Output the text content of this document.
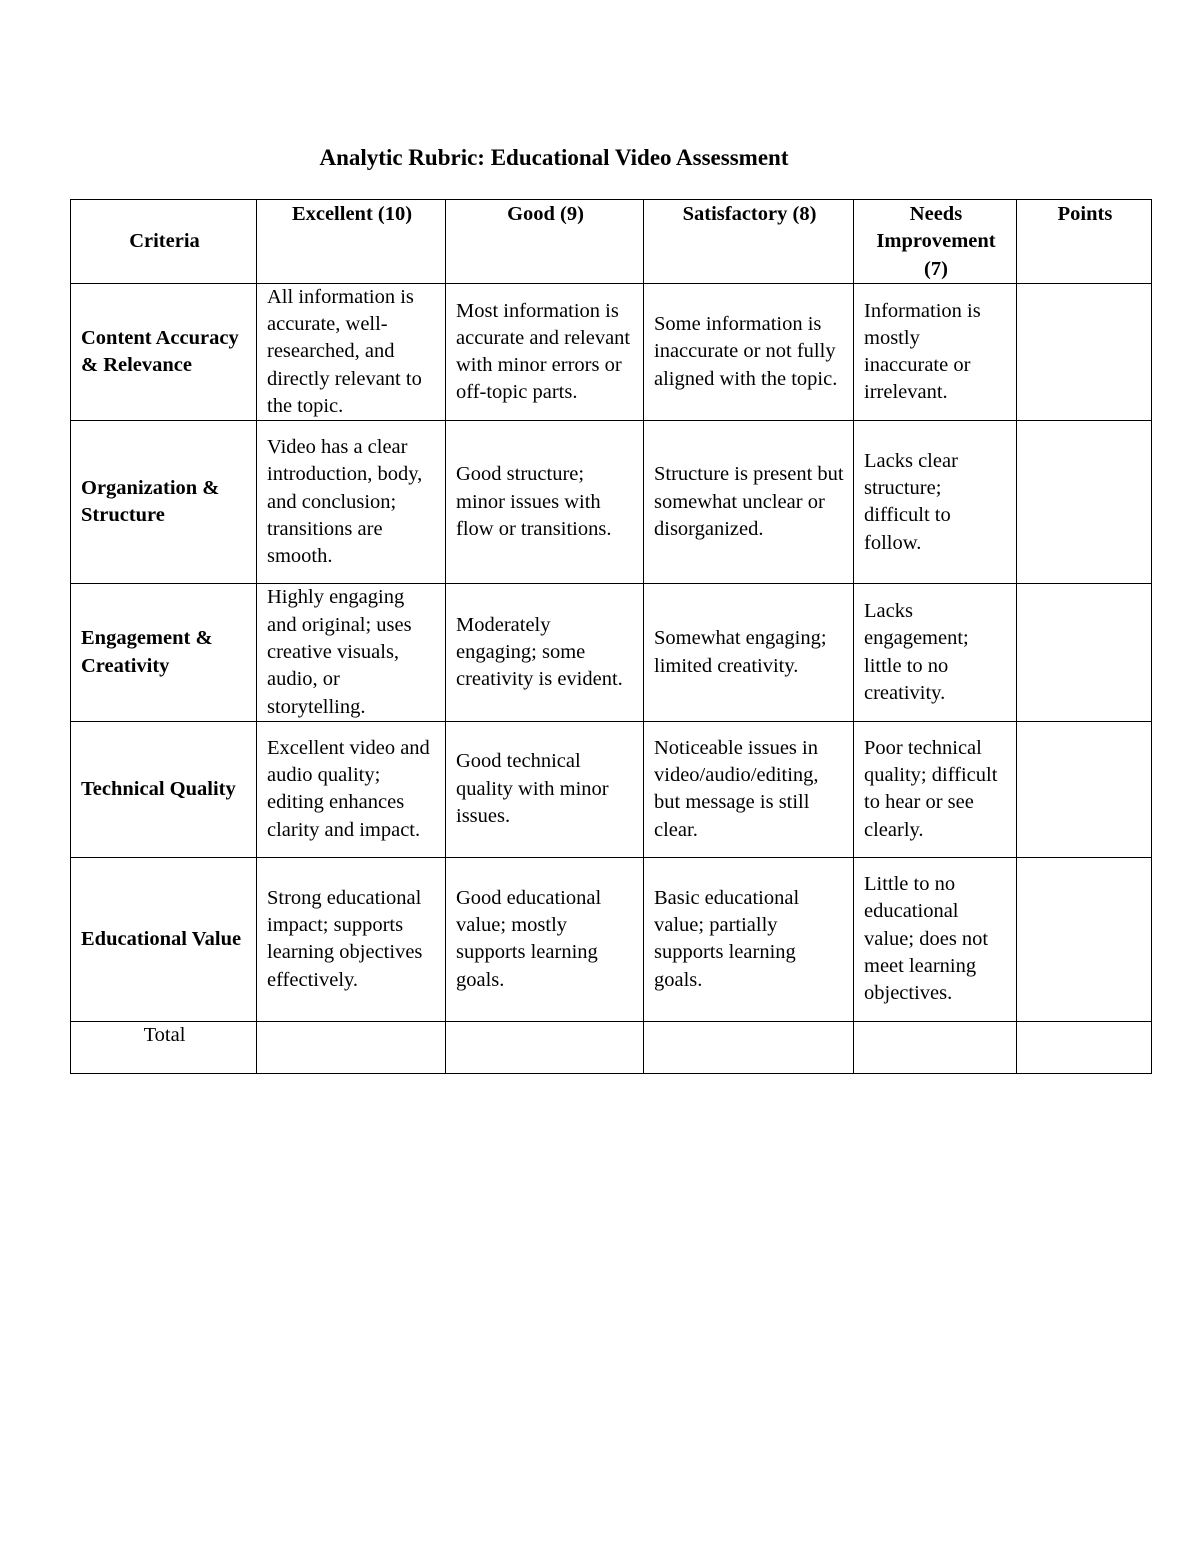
Analytic Rubric: Educational Video Assessment
Criteria	Excellent (10)	Good (9)	Satisfactory (8)	Needs Improvement (7)	Points
Content Accuracy & Relevance	All information is accurate, well-researched, and directly relevant to the topic.	Most information is accurate and relevant with minor errors or off-topic parts.	Some information is inaccurate or not fully aligned with the topic.	Information is mostly inaccurate or irrelevant.	
Organization & Structure	Video has a clear introduction, body, and conclusion; transitions are smooth.	Good structure; minor issues with flow or transitions.	Structure is present but somewhat unclear or disorganized.	Lacks clear structure; difficult to follow.	
Engagement & Creativity	Highly engaging and original; uses creative visuals, audio, or storytelling.	Moderately engaging; some creativity is evident.	Somewhat engaging; limited creativity.	Lacks engagement; little to no creativity.	
Technical Quality	Excellent video and audio quality; editing enhances clarity and impact.	Good technical quality with minor issues.	Noticeable issues in video/audio/editing, but message is still clear.	Poor technical quality; difficult to hear or see clearly.	
Educational Value	Strong educational impact; supports learning objectives effectively.	Good educational value; mostly supports learning goals.	Basic educational value; partially supports learning goals.	Little to no educational value; does not meet learning objectives.	
Total					
